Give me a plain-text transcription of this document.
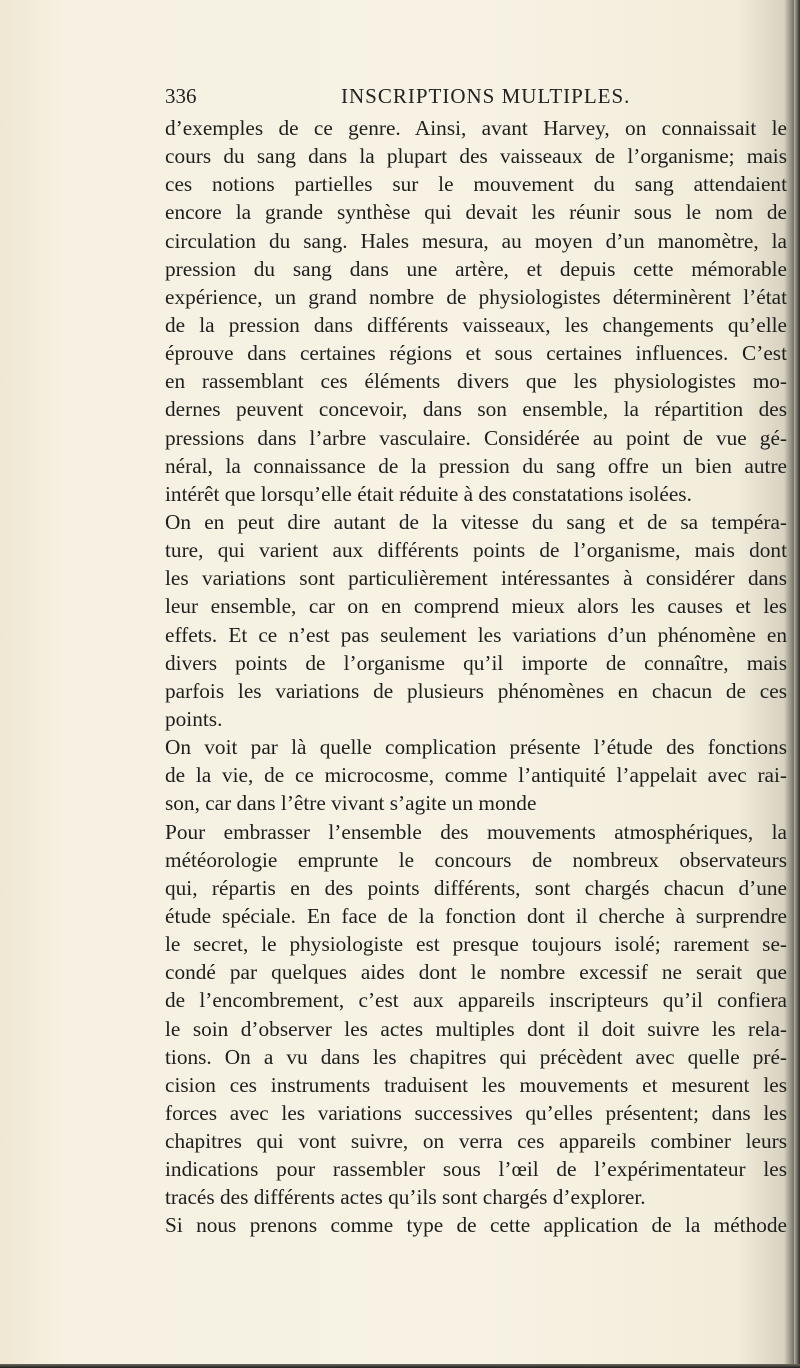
336	INSCRIPTIONS MULTIPLES.
d’exemples de ce genre. Ainsi, avant Harvey, on connaissait le
cours du sang dans la plupart des vaisseaux de l’organisme; mais
ces notions partielles sur le mouvement du sang attendaient
encore la grande synthèse qui devait les réunir sous le nom de
circulation du sang. Hales mesura, au moyen d’un manomètre, la
pression du sang dans une artère, et depuis cette mémorable
expérience, un grand nombre de physiologistes déterminèrent l’état
de la pression dans différents vaisseaux, les changements qu’elle
éprouve dans certaines régions et sous certaines influences. C’est
en rassemblant ces éléments divers que les physiologistes mo-
dernes peuvent concevoir, dans son ensemble, la répartition des
pressions dans l’arbre vasculaire. Considérée au point de vue gé-
néral, la connaissance de la pression du sang offre un bien autre
intérêt que lorsqu’elle était réduite à des constatations isolées.
On en peut dire autant de la vitesse du sang et de sa tempéra-
ture, qui varient aux différents points de l’organisme, mais dont
les variations sont particulièrement intéressantes à considérer dans
leur ensemble, car on en comprend mieux alors les causes et les
effets. Et ce n’est pas seulement les variations d’un phénomène en
divers points de l’organisme qu’il importe de connaître, mais
parfois les variations de plusieurs phénomènes en chacun de ces
points.
On voit par là quelle complication présente l’étude des fonctions
de la vie, de ce microcosme, comme l’antiquité l’appelait avec rai-
son, car dans l’être vivant s’agite un monde
Pour embrasser l’ensemble des mouvements atmosphériques, la
météorologie emprunte le concours de nombreux observateurs
qui, répartis en des points différents, sont chargés chacun d’une
étude spéciale. En face de la fonction dont il cherche à surprendre
le secret, le physiologiste est presque toujours isolé; rarement se-
condé par quelques aides dont le nombre excessif ne serait que
de l’encombrement, c’est aux appareils inscripteurs qu’il confiera
le soin d’observer les actes multiples dont il doit suivre les rela-
tions. On a vu dans les chapitres qui précèdent avec quelle pré-
cision ces instruments traduisent les mouvements et mesurent les
forces avec les variations successives qu’elles présentent; dans les
chapitres qui vont suivre, on verra ces appareils combiner leurs
indications pour rassembler sous l’œil de l’expérimentateur les
tracés des différents actes qu’ils sont chargés d’explorer.
Si nous prenons comme type de cette application de la méthode
